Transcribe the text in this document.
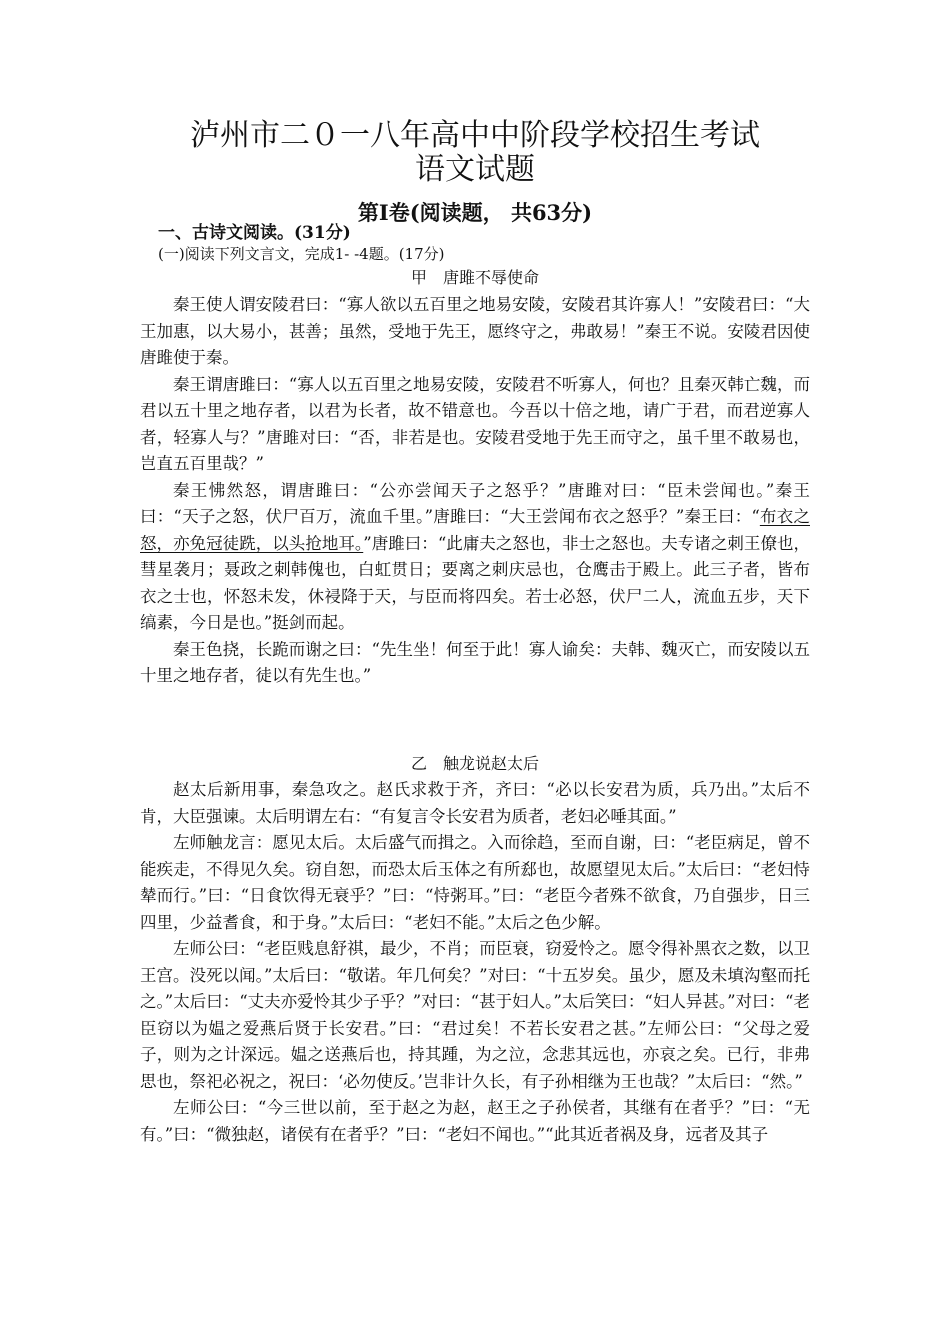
泸州市二０一八年高中中阶段学校招生考试
语文试题
第Ⅰ卷(阅读题， 共63分)
一、古诗文阅读。(31分)
(一)阅读下列文言文，完成1- -4题。(17分)
甲　唐雎不辱使命

秦王使人谓安陵君曰：“寡人欲以五百里之地易安陵，安陵君其许寡人！”安陵君曰：“大王加惠，以大易小，甚善；虽然，受地于先王，愿终守之，弗敢易！”秦王不说。安陵君因使唐雎使于秦。

秦王谓唐雎曰：“寡人以五百里之地易安陵，安陵君不听寡人，何也？且秦灭韩亡魏，而君以五十里之地存者，以君为长者，故不错意也。今吾以十倍之地，请广于君，而君逆寡人者，轻寡人与？”唐雎对曰：“否，非若是也。安陵君受地于先王而守之，虽千里不敢易也，岂直五百里哉？”

秦王怫然怒，谓唐雎曰：“公亦尝闻天子之怒乎？”唐雎对曰：“臣未尝闻也。”秦王曰：“天子之怒，伏尸百万，流血千里。”唐雎曰：“大王尝闻布衣之怒乎？”秦王曰：“布衣之怒，亦免冠徒跣，以头抢地耳。”唐雎曰：“此庸夫之怒也，非士之怒也。夫专诸之刺王僚也，彗星袭月；聂政之刺韩傀也，白虹贯日；要离之刺庆忌也，仓鹰击于殿上。此三子者，皆布衣之士也，怀怒未发，休祲降于天，与臣而将四矣。若士必怒，伏尸二人，流血五步，天下缟素，今日是也。”挺剑而起。

秦王色挠，长跪而谢之曰：“先生坐！何至于此！寡人谕矣：夫韩、魏灭亡，而安陵以五十里之地存者，徒以有先生也。”

乙　触龙说赵太后

赵太后新用事，秦急攻之。赵氏求救于齐，齐曰：“必以长安君为质，兵乃出。”太后不肯，大臣强谏。太后明谓左右：“有复言令长安君为质者，老妇必唾其面。”

左师触龙言：愿见太后。太后盛气而揖之。入而徐趋，至而自谢，曰：“老臣病足，曾不能疾走，不得见久矣。窃自恕，而恐太后玉体之有所郄也，故愿望见太后。”太后曰：“老妇恃辇而行。”曰：“日食饮得无衰乎？”曰：“恃粥耳。”曰：“老臣今者殊不欲食，乃自强步，日三四里，少益耆食，和于身。”太后曰：“老妇不能。”太后之色少解。

左师公曰：“老臣贱息舒祺，最少，不肖；而臣衰，窃爱怜之。愿令得补黑衣之数，以卫王宫。没死以闻。”太后曰：“敬诺。年几何矣？”对曰：“十五岁矣。虽少，愿及未填沟壑而托之。”太后曰：“丈夫亦爱怜其少子乎？”对曰：“甚于妇人。”太后笑曰：“妇人异甚。”对曰：“老臣窃以为媪之爱燕后贤于长安君。”曰：“君过矣！不若长安君之甚。”左师公曰：“父母之爱子，则为之计深远。媪之送燕后也，持其踵，为之泣，念悲其远也，亦哀之矣。已行，非弗思也，祭祀必祝之，祝曰：‘必勿使反。’岂非计久长，有子孙相继为王也哉？”太后曰：“然。”

左师公曰：“今三世以前，至于赵之为赵，赵王之子孙侯者，其继有在者乎？”曰：“无有。”曰：“微独赵，诸侯有在者乎？”曰：“老妇不闻也。”“此其近者祸及身，远者及其子
